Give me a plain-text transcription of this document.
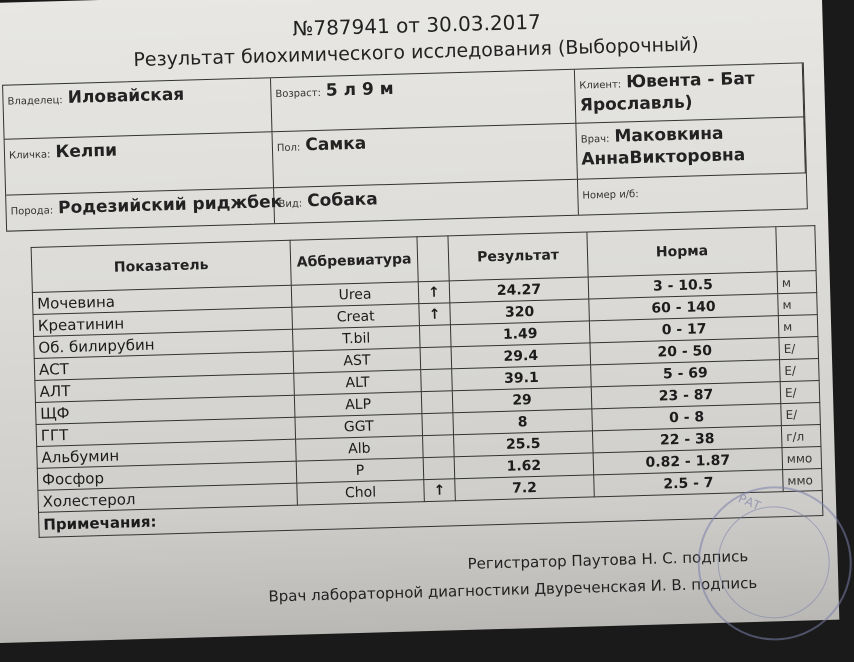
№787941 от 30.03.2017
Результат биохимического исследования (Выборочный)
Владелец: Иловайская	Возраст: 5 л 9 м	Клиент: Ювента - Бат
Ярославль)
Кличка: Келпи	Пол: Самка	Врач: Маковкина
АннаВикторовна
Порода: Родезийский риджбек
Вид: Собака	Номер и/б:
Показатель	Аббревиатура		Результат	Норма	
Мочевина	Urea	↑	24.27	3 - 10.5	м
Креатинин	Creat	↑	320	60 - 140	м
Об. билирубин	T.bil		1.49	0 - 17	м
АСТ	AST		29.4	20 - 50	Е/
АЛТ	ALT		39.1	5 - 69	Е/
ЩФ	ALP		29	23 - 87	Е/
ГГТ	GGT		8	0 - 8	Е/
Альбумин	Alb		25.5	22 - 38	г/л
Фосфор	P		1.62	0.82 - 1.87	ммо
Холестерол	Chol	↑	7.2	2.5 - 7	ммо
Примечания:					
Регистратор Паутова Н. С. подпись
Врач лабораторной диагностики Двуреченская И. В. подпись
РАТ
